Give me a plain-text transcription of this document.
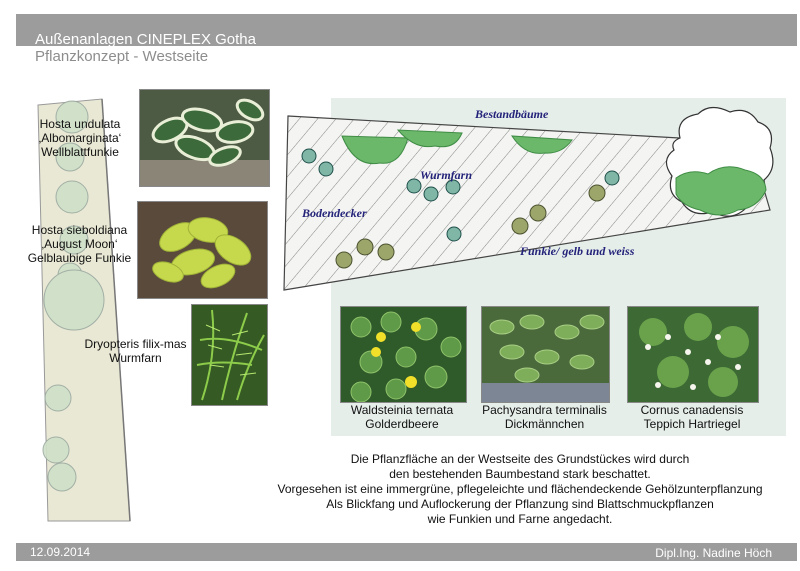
Außenanlagen CINEPLEX Gotha
Pflanzkonzept - Westseite
Hosta undulata
‚Albomarginata‘
Wellblattfunkie
Hosta sieboldiana
‚August Moon‘
Gelblaubige Funkie
Dryopteris filix-mas
Wurmfarn
Bestandbäume
Wurmfarn
Bodendecker
Funkie/ gelb und weiss
Waldsteinia ternata
Golderdbeere
Pachysandra terminalis
Dickmännchen
Cornus canadensis
Teppich Hartriegel
Die Pflanzfläche an der Westseite des Grundstückes wird durch
den bestehenden Baumbestand stark beschattet.
Vorgesehen ist eine immergrüne, pflegeleichte und flächendeckende Gehölzunterpflanzung
Als Blickfang und Auflockerung der Pflanzung sind Blattschmuckpflanzen
wie Funkien und Farne angedacht.
12.09.2014	Dipl.Ing. Nadine Höch
